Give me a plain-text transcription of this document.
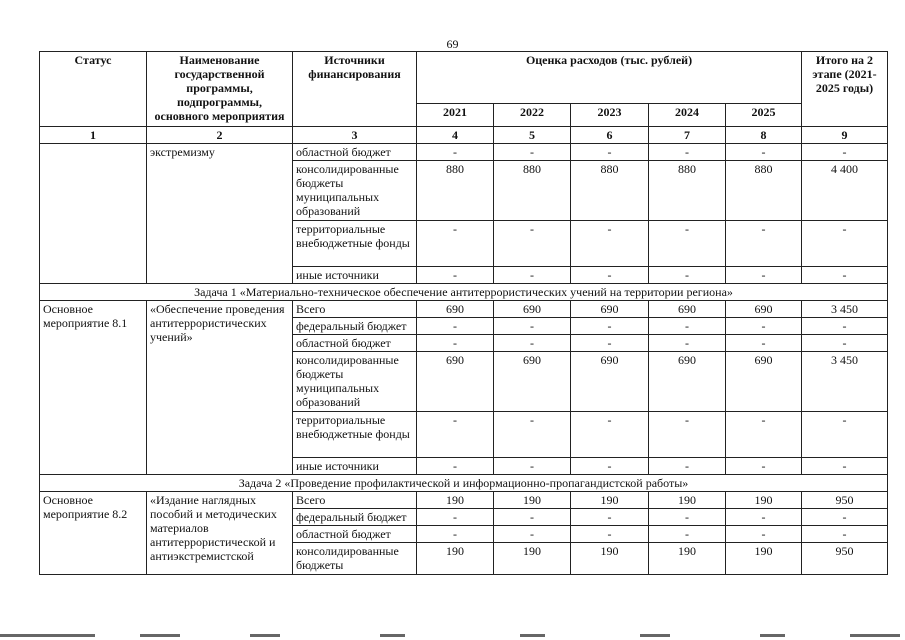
69
Статус	Наименование государственной программы, подпрограммы, основного мероприятия	Источники финансирования	Оценка расходов (тыс. рублей)					Итого на 2 этапе (2021-2025 годы)
			2021	2022	2023	2024	2025	
1	2	3	4	5	6	7	8	9
	экстремизму	областной бюджет	-	-	-	-	-	-
		консолидированные бюджеты муниципальных образований	880	880	880	880	880	4 400
		территориальные внебюджетные фонды	-	-	-	-	-	-
		иные источники	-	-	-	-	-	-
Задача 1 «Материально-техническое обеспечение антитеррористических учений на территории региона»								
Основное мероприятие 8.1	«Обеспечение проведения антитеррористических учений»	Всего	690	690	690	690	690	3 450
		федеральный бюджет	-	-	-	-	-	-
		областной бюджет	-	-	-	-	-	-
		консолидированные бюджеты муниципальных образований	690	690	690	690	690	3 450
		территориальные внебюджетные фонды	-	-	-	-	-	-
		иные источники	-	-	-	-	-	-
Задача 2 «Проведение профилактической и информационно-пропагандистской работы»								
Основное мероприятие 8.2	«Издание наглядных пособий и методических материалов антитеррористической и антиэкстремистской	Всего	190	190	190	190	190	950
		федеральный бюджет	-	-	-	-	-	-
		областной бюджет	-	-	-	-	-	-
		консолидированные бюджеты	190	190	190	190	190	950
